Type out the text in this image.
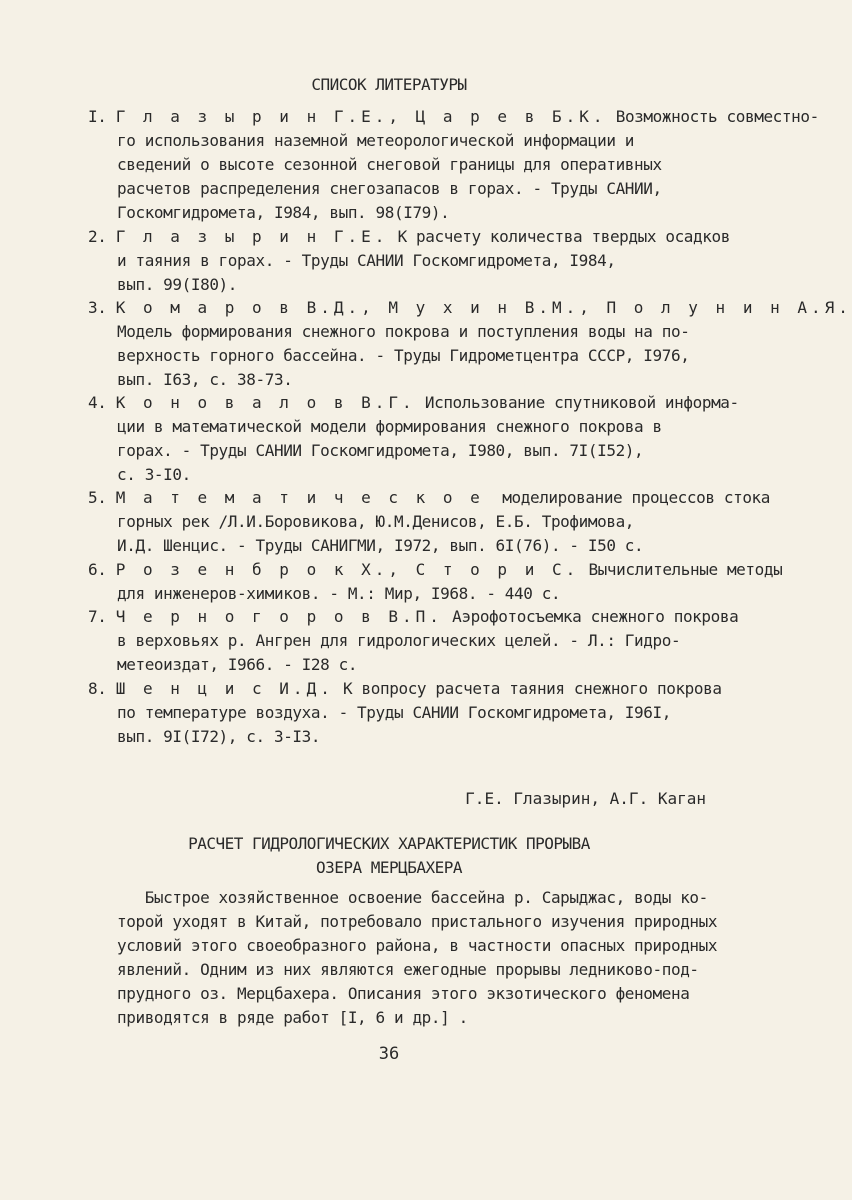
СПИСОК ЛИТЕРАТУРЫ
I. Г л а з ы р и н Г.Е., Ц а р е в Б.К. Возможность совместно-
го использования наземной метеорологической информации и
сведений о высоте сезонной снеговой границы для оперативных
расчетов распределения снегозапасов в горах. - Труды САНИИ,
Госкомгидромета, I984, вып. 98(I79).
2. Г л а з ы р и н Г.Е. К расчету количества твердых осадков
и таяния в горах. - Труды САНИИ Госкомгидромета, I984,
вып. 99(I80).
3. К о м а р о в В.Д., М у х и н В.М., П о л у н и н А.Я.
Модель формирования снежного покрова и поступления воды на по-
верхность горного бассейна. - Труды Гидрометцентра СССР, I976,
вып. I63, с. 38-73.
4. К о н о в а л о в В.Г. Использование спутниковой информа-
ции в математической модели формирования снежного покрова в
горах. - Труды САНИИ Госкомгидромета, I980, вып. 7I(I52),
с. 3-I0.
5. М а т е м а т и ч е с к о е  моделирование процессов стока
горных рек /Л.И.Боровикова, Ю.М.Денисов, Е.Б. Трофимова,
И.Д. Шенцис. - Труды САНИГМИ, I972, вып. 6I(76). - I50 с.
6. Р о з е н б р о к Х., С т о р и С. Вычислительные методы
для инженеров-химиков. - М.: Мир, I968. - 440 с.
7. Ч е р н о г о р о в В.П. Аэрофотосъемка снежного покрова
в верховьях р. Ангрен для гидрологических целей. - Л.: Гидро-
метеоиздат, I966. - I28 с.
8. Ш е н ц и с И.Д. К вопросу расчета таяния снежного покрова
по температуре воздуха. - Труды САНИИ Госкомгидромета, I96I,
вып. 9I(I72), с. 3-I3.
Г.Е. Глазырин, А.Г. Каган
РАСЧЕТ ГИДРОЛОГИЧЕСКИХ ХАРАКТЕРИСТИК ПРОРЫВА
ОЗЕРА МЕРЦБАХЕРА
Быстрое хозяйственное освоение бассейна р. Сарыджас, воды ко-
торой уходят в Китай, потребовало пристального изучения природных
условий этого своеобразного района, в частности опасных природных
явлений. Одним из них являются ежегодные прорывы ледниково-под-
прудного оз. Мерцбахера. Описания этого экзотического феномена
приводятся в ряде работ [I, 6 и др.] .
36
